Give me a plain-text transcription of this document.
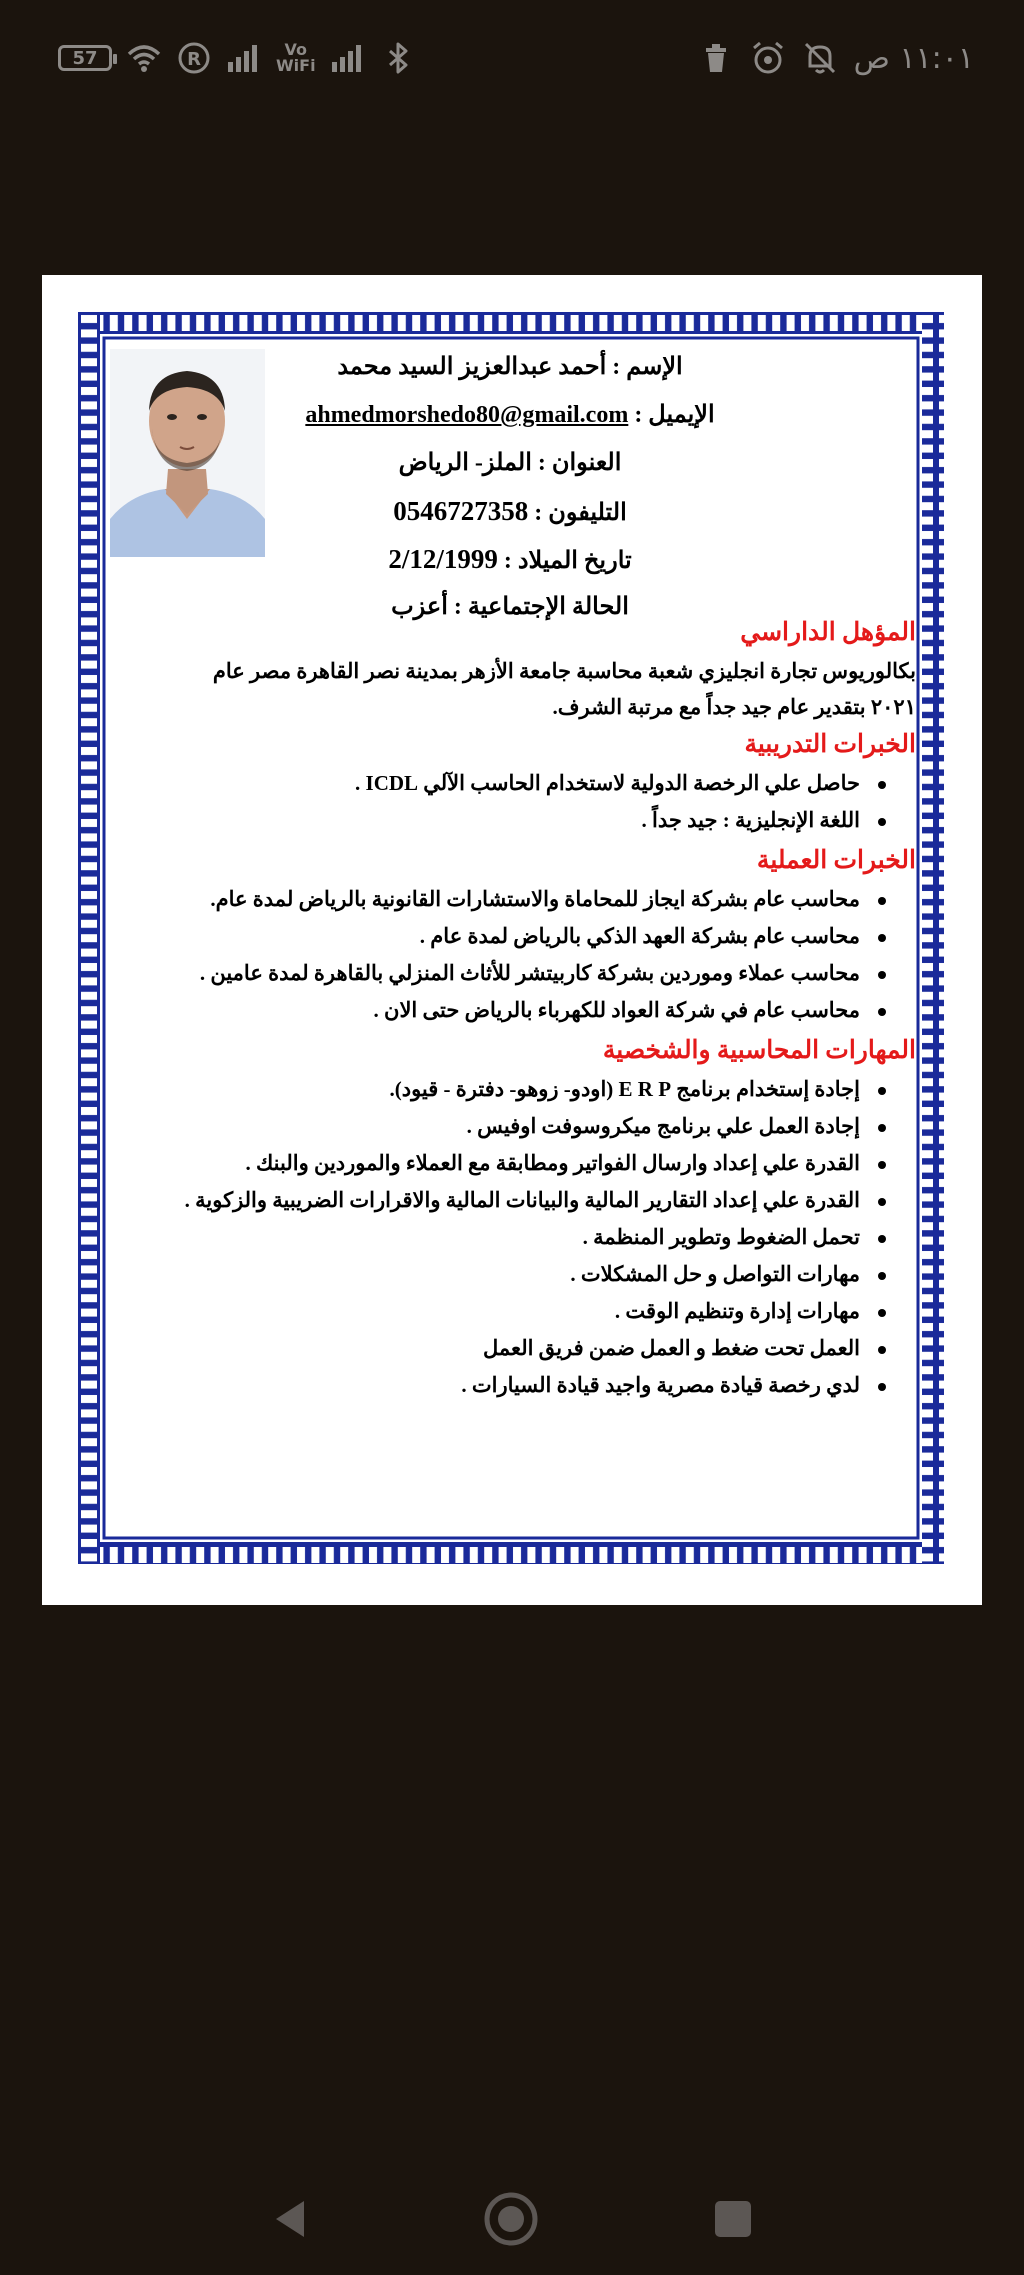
57	R	Vo
WiFi	١١:٠١ ص
الإسم : أحمد عبدالعزيز السيد محمد
الإيميل : ahmedmorshedo80@gmail.com
العنوان : الملز- الرياض
التليفون : 0546727358
تاريخ الميلاد : 2/12/1999
الحالة الإجتماعية : أعزب
المؤهل الداراسي
بكالوريوس تجارة انجليزي شعبة محاسبة جامعة الأزهر بمدينة نصر القاهرة مصر عام
٢٠٢١ بتقدير عام جيد جداً مع مرتبة الشرف.
الخبرات التدريبية
حاصل علي الرخصة الدولية لاستخدام الحاسب الآلي ICDL .
اللغة الإنجليزية : جيد جداً .
الخبرات العملية
محاسب عام بشركة ايجاز للمحاماة والاستشارات القانونية بالرياض لمدة عام.
محاسب عام بشركة العهد الذكي بالرياض لمدة عام .
محاسب عملاء وموردين بشركة كاربيتشر للأثاث المنزلي بالقاهرة لمدة عامين .
محاسب عام في شركة العواد للكهرباء بالرياض حتى الان .
المهارات المحاسبية والشخصية
إجادة إستخدام برنامج E R P (اودو- زوهو- دفترة - قيود).
إجادة العمل علي برنامج ميكروسوفت اوفيس .
القدرة علي إعداد وارسال الفواتير ومطابقة مع العملاء والموردين والبنك .
القدرة علي إعداد التقارير المالية والبيانات المالية والاقرارات الضريبية والزكوية .
تحمل الضغوط وتطوير المنظمة .
مهارات التواصل و حل المشكلات .
مهارات إدارة وتنظيم الوقت .
العمل تحت ضغط و العمل ضمن فريق العمل
لدي رخصة قيادة مصرية واجيد قيادة السيارات .
